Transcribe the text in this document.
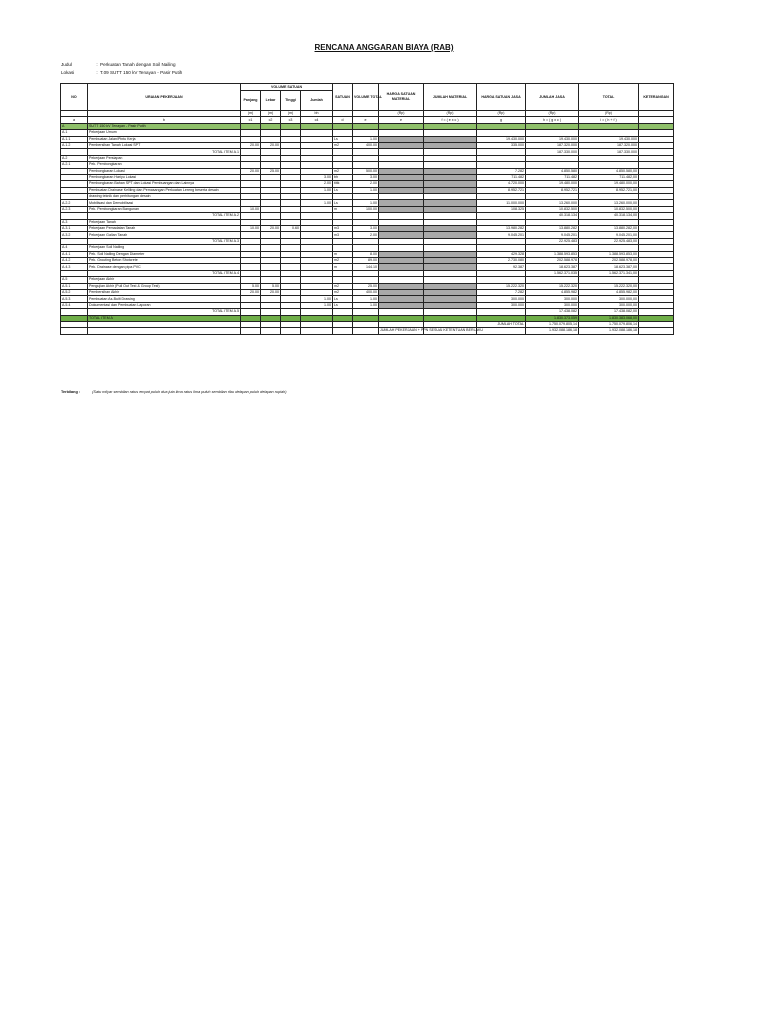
RENCANA ANGGARAN BIAYA (RAB)
Judul	: Perkuatan Tanah dengan Soil Nailing
Lokasi	: T.09 SUTT 150 kV Tenayan - Pasir Putih
NO	URAIAN PEKERJAAN	VOLUME SATUAN				SATUAN	VOLUME TOTAL	HARGA SATUAN MATERIAL	JUMLAH MATERIAL	HARGA SATUAN JASA	JUMLAH JASA	TOTAL	KETERANGAN
		Panjang	Lebar	Tinggi	Jumlah								
		(m)	(m)	(m)	bh			(Rp)	(Rp)	(Rp)	(Rp)	(Rp)	
a	b	c1	c2	c3	c4	d	e	e	f = ( e x c )	g	h = ( g x c )	i = ( h + f )	
A	SUTT 150 kV Tenayan - Pasir Putih												
A.1	Pekerjaan Umum												
A.1.1	Pembuatan Jalan/Pintu Kerja					Ls	1.00			19.430.000	19.430.000	19.430.000	
A.1.2	Pembersihan Tanah Lokasi SPT	20.00	20.00			m2	400.00			335.000	187.320.000	187.320.000	
	TOTAL ITEM A.1										187.330.000	187.330.000	
A.2	Pekerjaan Persiapan												
A.2.1	Pek. Pembongkaran												
	Pembongkaran Lokasi	20.00	25.00			m2	500.00			7.282	4.850.580	4.850.580,00	
	Pembongkaran Hariyu Lokasi				3.00	bh	3.00			711.482	711.482	711.482,00	
	Pembongkaran Bahan SPT dan Lokasi Pembuangan dan Lainnya				2.00	titik	2.00			4.720.000	19.480.000	19.480.000,00	
	Pembuatan Drainase Keliling dan Pemasangan Perkuatan Lereng beserta desain				1.00	Ls	1.00			8.952.721	8.952.721	8.952.721,00	
	drawing teknik dan perhitungan desain												
A.2.2	Mobilisasi dan Demobilisasi				1.00	Ls	1.00			11.000.000	13.260.000	13.260.000,00	
A.2.3	Pek. Pembongkaran Bangunan	10.00				m	100.00			108.325	10.832.500	10.832.500,00	
	TOTAL ITEM A.2										40.318.134	40.318.134,00	
A.3	Pekerjaan Tanah												
A.3.1	Pekerjaan Pemadatan Tanah	10.00	20.00	0.60		m3	3.00			13.980.282	13.880.282	13.880.282,00	
A.3.2	Pekerjaan Galian Tanah					m3	2.00			9.045.201	9.045.201	9.045.201,00	
	TOTAL ITEM A.3										22.925.483	22.925.483,00	
A.4	Pekerjaan Soil Nailing												
A.4.1	Pek. Soil Nailing Dengan Diameter					m	8.00			429.328	1.388.593.853	1.388.593.853,00	
A.4.2	Pek. Grouting Beton Shotcrete					m2	89.00			2.730.080	202.588.978	202.588.978,00	
A.4.3	Pek. Drainase dengan pipa PVC					m	144.10			92.387	18.623.387	18.623.387,00	
	TOTAL ITEM A.4										1.562.371.035	1.562.371.341,00	
A.5	Pekerjaan Akhir												
A.5.1	Pengujian Akhir (Pull Out Test & Group Test)	5.00	5.00			m2	25.00			15.222.320	15.222.320	15.222.320,00	
A.5.2	Pembersihan Akhir	20.00	20.00			m2	400.00			7.282	4.855.982	4.855.982,00	
A.5.3	Pembuatan As-Built Drawing				1.00	Ls	1.00			300.000	300.000	300.000,00	
A.5.4	Dokumentasi dan Pembuatan Laporan				1.00	Ls	1.00			300.000	300.000	300.000,00	
	TOTAL ITEM A.5										17.438.082	17.438.082,00	
	TOTAL ITEM A										1.830.373.059	1.830.383.068,00	
										JUMLAH TOTAL	1.750.079.805,14	1.750.079.806,14	
								JUMLAH PEKERJAAN + PPN SESUAI KETENTUAN BERLAKU			1.932.088.186,18	1.932.088.186,18	
Terbilang :	(Satu milyar sembilan ratus empat puluh dua juta lima ratus lima puluh sembilan ribu delapan puluh delapan rupiah)
